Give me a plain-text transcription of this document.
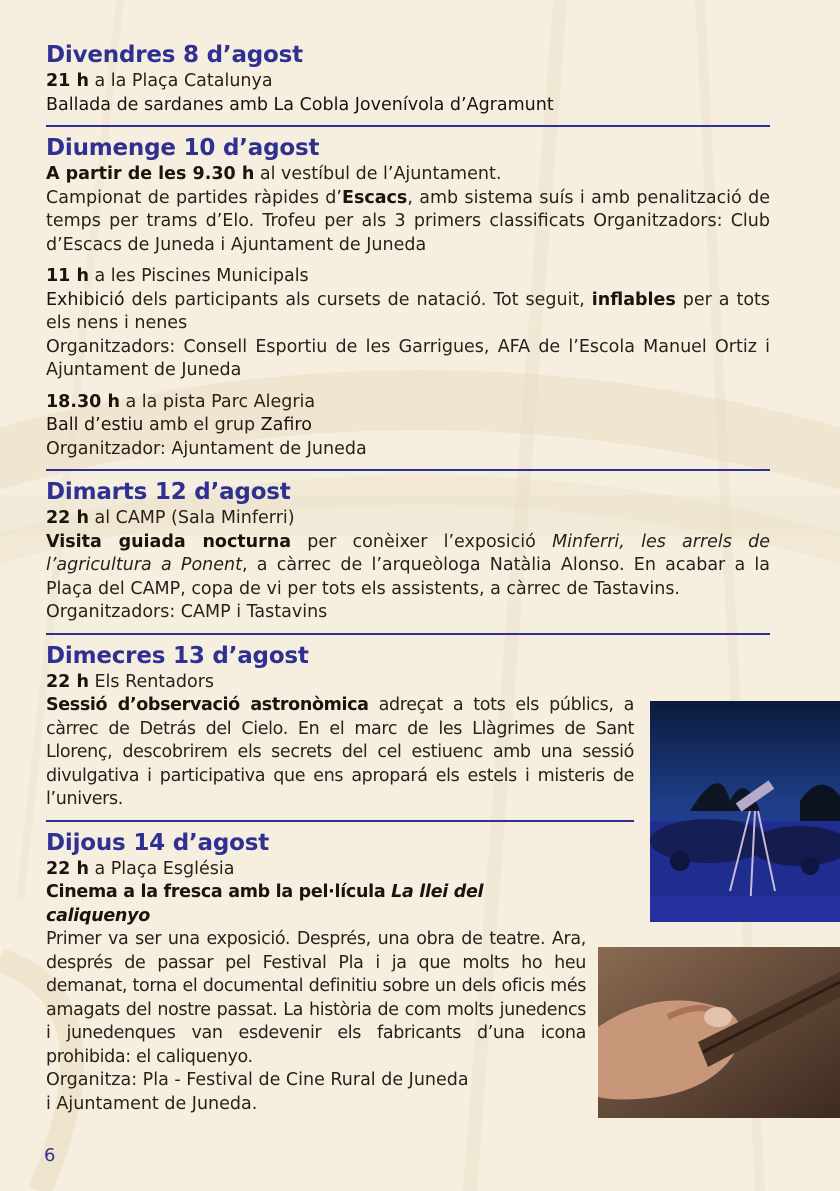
Divendres 8 d’agost

21 h a la Plaça Catalunya

Ballada de sardanes amb La Cobla Jovenívola d’Agramunt

Diumenge 10 d’agost

A partir de les 9.30 h al vestíbul de l’Ajuntament.

Campionat de partides ràpides d’Escacs, amb sistema suís i amb penalització de temps per trams d’Elo. Trofeu per als 3 primers classificats Organitzadors: Club d’Escacs de Juneda i Ajuntament de Juneda

11 h a les Piscines Municipals

Exhibició dels participants als cursets de natació. Tot seguit, inflables per a tots els nens i nenes

Organitzadors: Consell Esportiu de les Garrigues, AFA de l’Escola Manuel Ortiz i Ajuntament de Juneda

18.30 h a la pista Parc Alegria

Ball d’estiu amb el grup Zafiro

Organitzador: Ajuntament de Juneda

Dimarts 12 d’agost

22 h al CAMP (Sala Minferri)

Visita guiada nocturna per conèixer l’exposició Minferri, les arrels de l’agricultura a Ponent, a càrrec de l’arqueòloga Natàlia Alonso. En acabar a la Plaça del CAMP, copa de vi per tots els assistents, a càrrec de Tastavins.

Organitzadors: CAMP i Tastavins

Dimecres 13 d’agost

22 h Els Rentadors

Sessió d’observació astronòmica adreçat a tots els públics, a càrrec de Detrás del Cielo. En el marc de les Llàgrimes de Sant Llorenç, descobrirem els secrets del cel estiuenc amb una sessió divulgativa i participativa que ens apropará els estels i misteris de l’univers.

Dijous 14 d’agost

22 h a Plaça Església

Cinema a la fresca amb la pel·lícula La llei del caliquenyo

Primer va ser una exposició. Després, una obra de teatre. Ara, després de passar pel Festival Pla i ja que molts ho heu demanat, torna el documental definitiu sobre un dels oficis més amagats del nostre passat. La història de com molts junedencs i junedenques van esdevenir els fabricants d’una icona prohibida: el caliquenyo.

Organitza: Pla - Festival de Cine Rural de Juneda

i Ajuntament de Juneda.

6
